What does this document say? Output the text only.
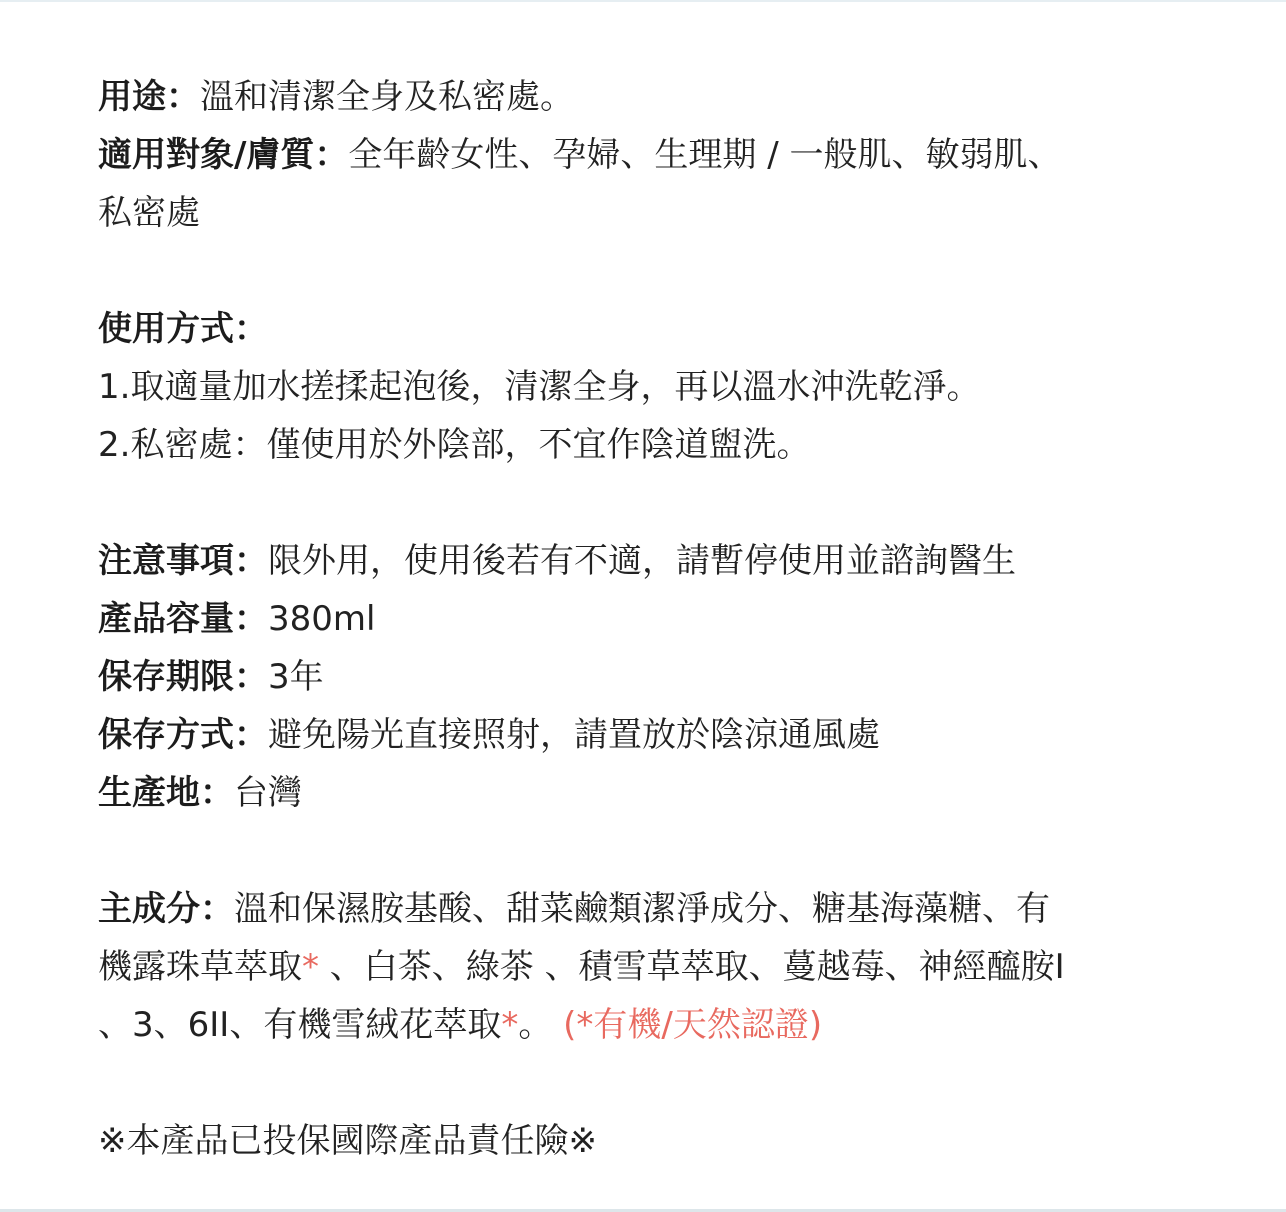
用途：溫和清潔全身及私密處。
適用對象/膚質：全年齡女性、孕婦、生理期 / 一般肌、敏弱肌、
私密處
使用方式：
1.取適量加水搓揉起泡後，清潔全身，再以溫水沖洗乾淨。
2.私密處：僅使用於外陰部，不宜作陰道盥洗。
注意事項：限外用，使用後若有不適，請暫停使用並諮詢醫生
產品容量：380ml
保存期限：3年
保存方式：避免陽光直接照射，請置放於陰涼通風處
生產地：台灣
主成分：溫和保濕胺基酸、甜菜鹼類潔淨成分、糖基海藻糖、有
機露珠草萃取* 、白茶、綠茶 、積雪草萃取、蔓越莓、神經醯胺I
、3、6II、有機雪絨花萃取*。 (*有機/天然認證)
※本產品已投保國際產品責任險※
